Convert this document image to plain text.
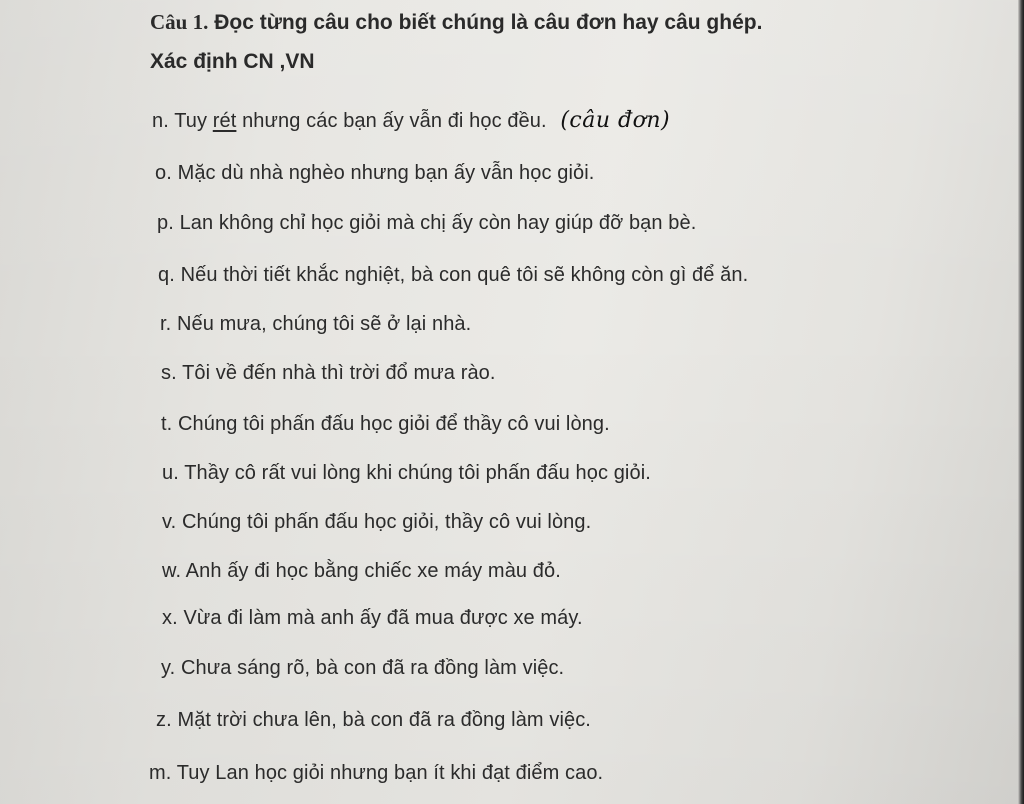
Câu 1. Đọc từng câu cho biết chúng là câu đơn hay câu ghép.
Xác định CN ,VN
n. Tuy rét nhưng các bạn ấy vẫn đi học đều. (câu đơn)
o. Mặc dù nhà nghèo nhưng bạn ấy vẫn học giỏi.
p. Lan không chỉ học giỏi mà chị ấy còn hay giúp đỡ bạn bè.
q. Nếu thời tiết khắc nghiệt, bà con quê tôi sẽ không còn gì để ăn.
r. Nếu mưa, chúng tôi sẽ ở lại nhà.
s. Tôi về đến nhà thì trời đổ mưa rào.
t. Chúng tôi phấn đấu học giỏi để thầy cô vui lòng.
u. Thầy cô rất vui lòng khi chúng tôi phấn đấu học giỏi.
v. Chúng tôi phấn đấu học giỏi, thầy cô vui lòng.
w. Anh ấy đi học bằng chiếc xe máy màu đỏ.
x. Vừa đi làm mà anh ấy đã mua được xe máy.
y. Chưa sáng rõ, bà con đã ra đồng làm việc.
z. Mặt trời chưa lên, bà con đã ra đồng làm việc.
m. Tuy Lan học giỏi nhưng bạn ít khi đạt điểm cao.
